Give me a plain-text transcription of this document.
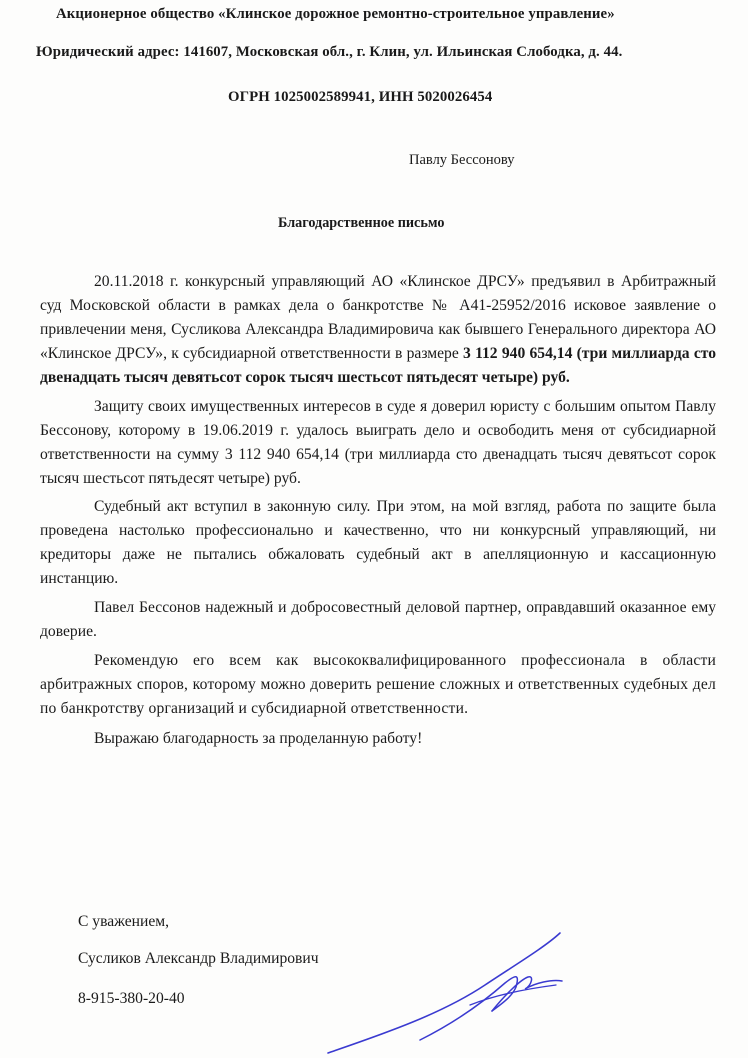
Акционерное общество «Клинское дорожное ремонтно-строительное управление»
Юридический адрес: 141607, Московская обл., г. Клин, ул. Ильинская Слободка, д. 44.
ОГРН 1025002589941, ИНН 5020026454
Павлу Бессонову
Благодарственное письмо

20.11.2018 г. конкурсный управляющий АО «Клинское ДРСУ» предъявил в Арбитражный суд Московской области в рамках дела о банкротстве № А41-25952/2016 исковое заявление о привлечении меня, Сусликова Александра Владимировича как бывшего Генерального директора АО «Клинское ДРСУ», к субсидиарной ответственности в размере 3 112 940 654,14 (три миллиарда сто двенадцать тысяч девятьсот сорок тысяч шестьсот пятьдесят четыре) руб.

Защиту своих имущественных интересов в суде я доверил юристу с большим опытом Павлу Бессонову, которому в 19.06.2019 г. удалось выиграть дело и освободить меня от субсидиарной ответственности на сумму 3 112 940 654,14 (три миллиарда сто двенадцать тысяч девятьсот сорок тысяч шестьсот пятьдесят четыре) руб.

Судебный акт вступил в законную силу. При этом, на мой взгляд, работа по защите была проведена настолько профессионально и качественно, что ни конкурсный управляющий, ни кредиторы даже не пытались обжаловать судебный акт в апелляционную и кассационную инстанцию.

Павел Бессонов надежный и добросовестный деловой партнер, оправдавший оказанное ему доверие.

Рекомендую его всем как высококвалифицированного профессионала в области арбитражных споров, которому можно доверить решение сложных и ответственных судебных дел по банкротству организаций и субсидиарной ответственности.

Выражаю благодарность за проделанную работу!

С уважением,
Сусликов Александр Владимирович
8-915-380-20-40
